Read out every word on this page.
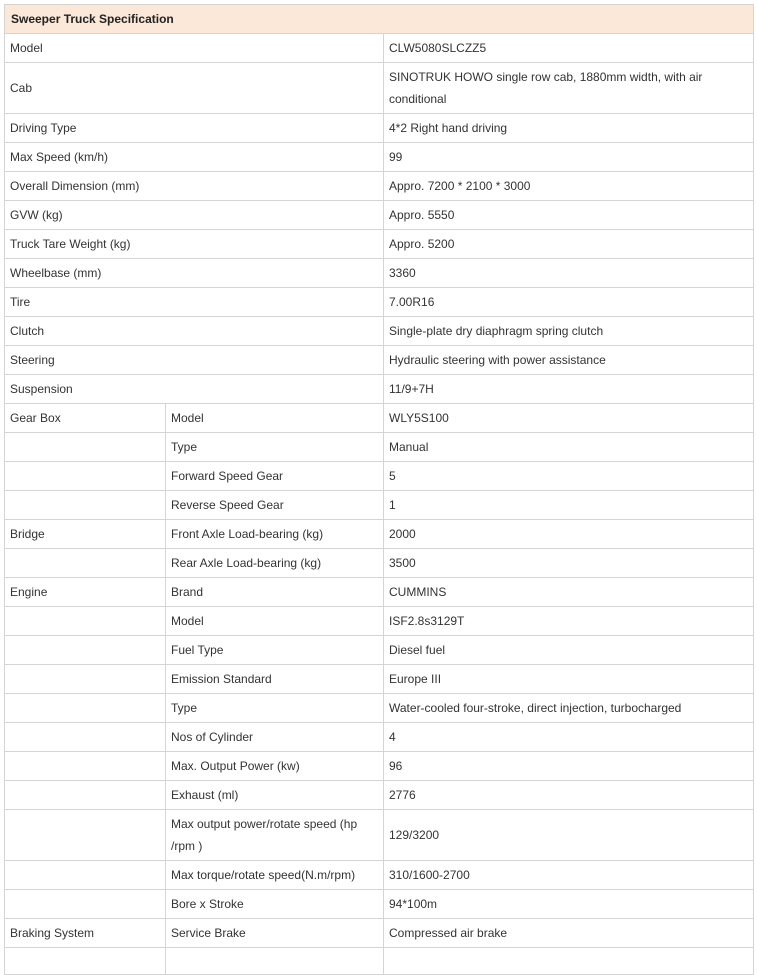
Sweeper Truck Specification		
Model		CLW5080SLCZZ5
Cab		SINOTRUK HOWO single row cab, 1880mm width, with air conditional
Driving Type		4*2 Right hand driving
Max Speed (km/h)		99
Overall Dimension (mm)		Appro. 7200 * 2100 * 3000
GVW (kg)		Appro. 5550
Truck Tare Weight (kg)		Appro. 5200
Wheelbase (mm)		3360
Tire		7.00R16
Clutch		Single-plate dry diaphragm spring clutch
Steering		Hydraulic steering with power assistance
Suspension		11/9+7H
Gear Box	Model	WLY5S100
	Type	Manual
	Forward Speed Gear	5
	Reverse Speed Gear	1
Bridge	Front Axle Load-bearing (kg)	2000
	Rear Axle Load-bearing (kg)	3500
Engine	Brand	CUMMINS
	Model	ISF2.8s3129T
	Fuel Type	Diesel fuel
	Emission Standard	Europe III
	Type	Water-cooled four-stroke, direct injection, turbocharged
	Nos of Cylinder	4
	Max. Output Power (kw)	96
	Exhaust (ml)	2776
	Max output power/rotate speed (hp /rpm )	129/3200
	Max torque/rotate speed(N.m/rpm)	310/1600-2700
	Bore x Stroke	94*100m
Braking System	Service Brake	Compressed air brake
